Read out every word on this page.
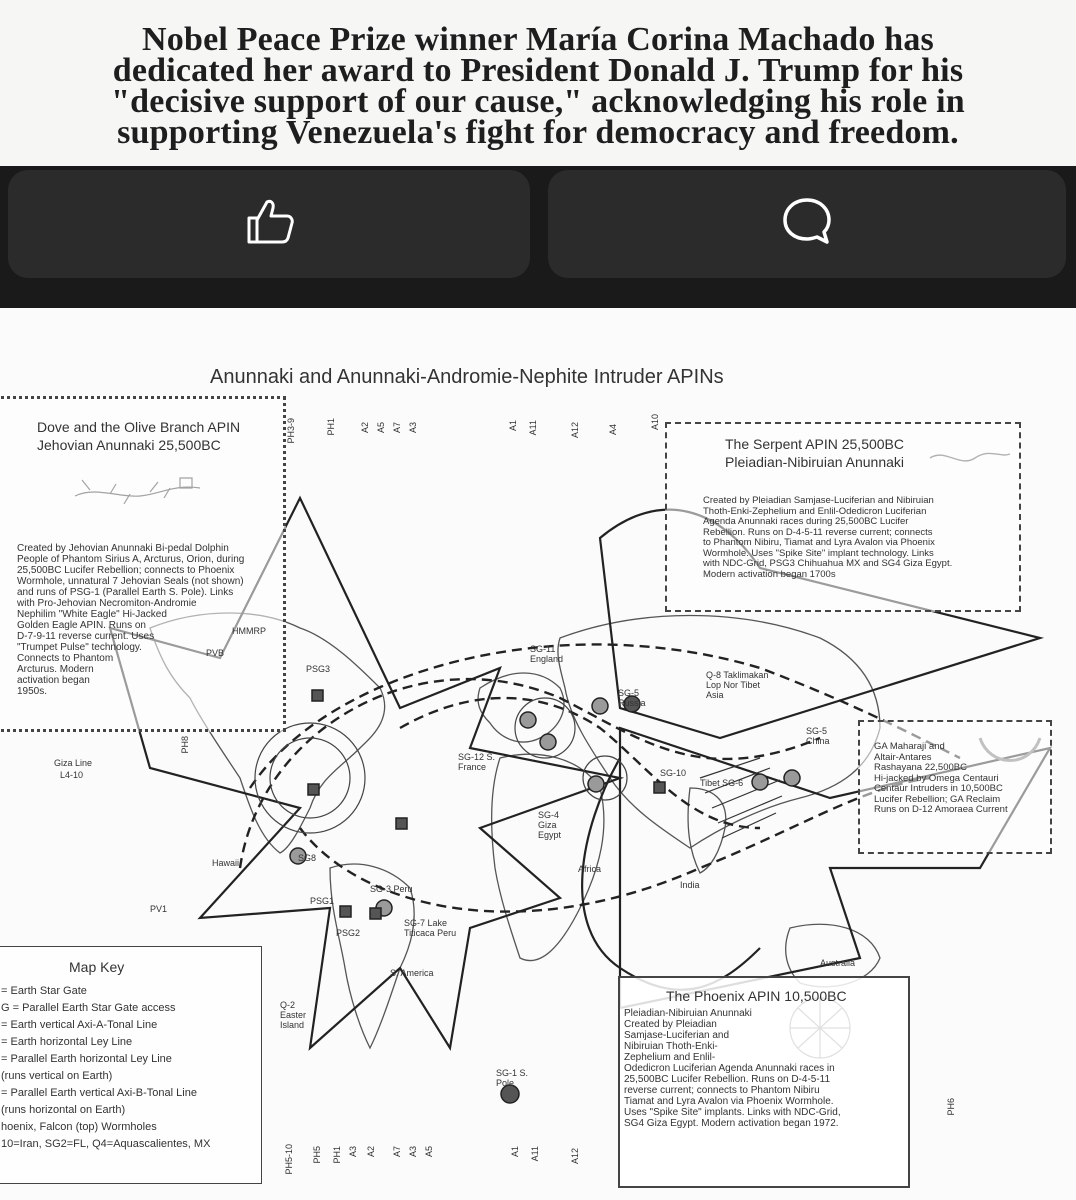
Nobel Peace Prize winner María Corina Machado has
dedicated her award to President Donald J. Trump for his
"decisive support of our cause," acknowledging his role in
supporting Venezuela's fight for democracy and freedom.
Anunnaki and Anunnaki-Andromie-Nephite Intruder APINs
Dove and the Olive Branch APIN
Jehovian Anunnaki 25,500BC
Created by Jehovian Anunnaki Bi-pedal Dolphin
People of Phantom Sirius A, Arcturus, Orion, during
25,500BC Lucifer Rebellion; connects to Phoenix
Wormhole, unnatural 7 Jehovian Seals (not shown)
and runs of PSG-1 (Parallel Earth S. Pole). Links
with Pro-Jehovian Necromiton-Andromie
Nephilim "White Eagle" Hi-Jacked
Golden Eagle APIN. Runs on
D-7-9-11 reverse current. Uses
"Trumpet Pulse" technology.
Connects to Phantom
Arcturus. Modern
activation began
1950s.
The Serpent APIN 25,500BC
Pleiadian-Nibiruian Anunnaki
Created by Pleiadian Samjase-Luciferian and Nibiruian
Thoth-Enki-Zephelium and Enlil-Odedicron Luciferian
Agenda Anunnaki races during 25,500BC Lucifer
Rebellion. Runs on D-4-5-11 reverse current; connects
to Phantom Nibiru, Tiamat and Lyra Avalon via Phoenix
Wormhole. Uses "Spike Site" implant technology. Links
with NDC-Grid, PSG3 Chihuahua MX and SG4 Giza Egypt.
Modern activation began 1700s
GA Maharaji and
Altair-Antares
Rashayana 22,500BC
Hi-jacked by Omega Centauri
Centaur Intruders in 10,500BC
Lucifer Rebellion; GA Reclaim
Runs on D-12 Amoraea Current
The Phoenix APIN 10,500BC
Pleiadian-Nibiruian Anunnaki
Created by Pleiadian
Samjase-Luciferian and
Nibiruian Thoth-Enki-
Zephelium and Enlil-
Odedicron Luciferian Agenda Anunnaki races in
25,500BC Lucifer Rebellion. Runs on D-4-5-11
reverse current; connects to Phantom Nibiru
Tiamat and Lyra Avalon via Phoenix Wormhole.
Uses "Spike Site" implants. Links with NDC-Grid,
SG4 Giza Egypt. Modern activation began 1972.
Map Key
= Earth Star Gate
G = Parallel Earth Star Gate access
= Earth vertical Axi-A-Tonal Line
= Earth horizontal Ley Line
= Parallel Earth horizontal Ley Line
(runs vertical on Earth)
= Parallel Earth vertical Axi-B-Tonal Line
(runs horizontal on Earth)
hoenix, Falcon (top) Wormholes
10=Iran, SG2=FL, Q4=Aquascalientes, MX
Giza Line
L4-10
Hawaii
PV1
PSG2
PSG1
PSG3
SG8
SG-3 Peru
Q-2 Easter Island
SG-12 S. France
SG-4 Giza Egypt
Africa
India
SG-5 Russia
Q-8 Taklimakan Lop Nor Tibet Asia
SG-5 China
Australia
SG-1 S. Pole
S. America
SG-7 Lake Titicaca Peru
SG-11 England
Tibet SG-6
SG-10
HMMRP
PVB
PH3-9	PH1	A3
A7
A5
A2	A11
A1	A12	A4	A10
PH5-10 PH5 PH1 A3 A2	A3
A7 A5	A11
A1	A12
PH8
PH6
